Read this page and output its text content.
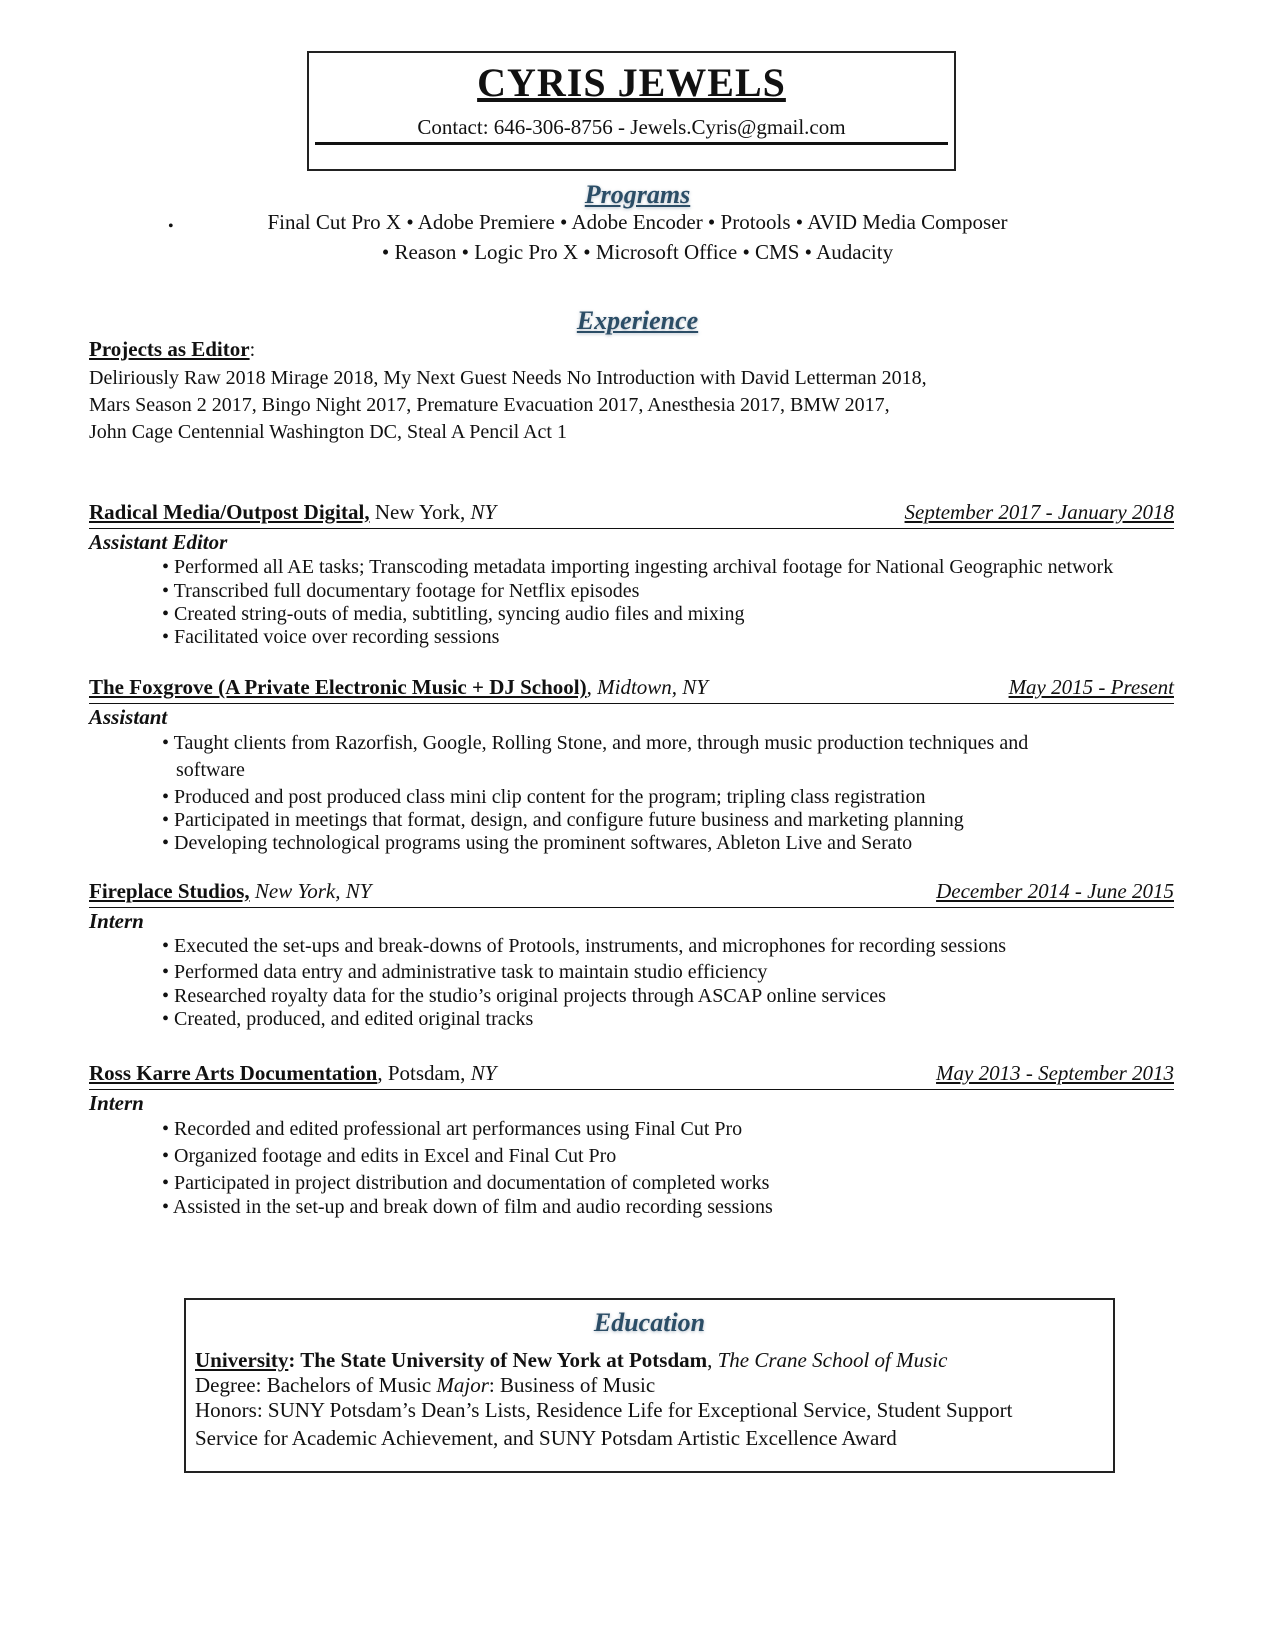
CYRIS JEWELS
Contact: 646-306-8756 - Jewels.Cyris@gmail.com
Programs
•	Final Cut Pro X • Adobe Premiere • Adobe Encoder • Protools • AVID Media Composer
• Reason • Logic Pro X • Microsoft Office • CMS • Audacity
Experience
Projects as Editor:
Deliriously Raw 2018 Mirage 2018, My Next Guest Needs No Introduction with David Letterman 2018,
Mars Season 2 2017, Bingo Night 2017, Premature Evacuation 2017, Anesthesia 2017, BMW 2017,
John Cage Centennial Washington DC, Steal A Pencil Act 1
Radical Media/Outpost Digital, New York, NY	September 2017 - January 2018
Assistant Editor
• Performed all AE tasks; Transcoding metadata importing ingesting archival footage for National Geographic network
• Transcribed full documentary footage for Netflix episodes
• Created string-outs of media, subtitling, syncing audio files and mixing
• Facilitated voice over recording sessions
The Foxgrove (A Private Electronic Music + DJ School), Midtown, NY	May 2015 - Present
Assistant
• Taught clients from Razorfish, Google, Rolling Stone, and more, through music production techniques and
software
• Produced and post produced class mini clip content for the program; tripling class registration
• Participated in meetings that format, design, and configure future business and marketing planning
• Developing technological programs using the prominent softwares, Ableton Live and Serato
Fireplace Studios, New York, NY	December 2014 - June 2015
Intern
• Executed the set-ups and break-downs of Protools, instruments, and microphones for recording sessions
• Performed data entry and administrative task to maintain studio efficiency
• Researched royalty data for the studio’s original projects through ASCAP online services
• Created, produced, and edited original tracks
Ross Karre Arts Documentation, Potsdam, NY	May 2013 - September 2013
Intern
• Recorded and edited professional art performances using Final Cut Pro
• Organized footage and edits in Excel and Final Cut Pro
• Participated in project distribution and documentation of completed works
• Assisted in the set-up and break down of film and audio recording sessions
Education
University: The State University of New York at Potsdam, The Crane School of Music
Degree: Bachelors of Music Major: Business of Music
Honors: SUNY Potsdam’s Dean’s Lists, Residence Life for Exceptional Service, Student Support
Service for Academic Achievement, and SUNY Potsdam Artistic Excellence Award
